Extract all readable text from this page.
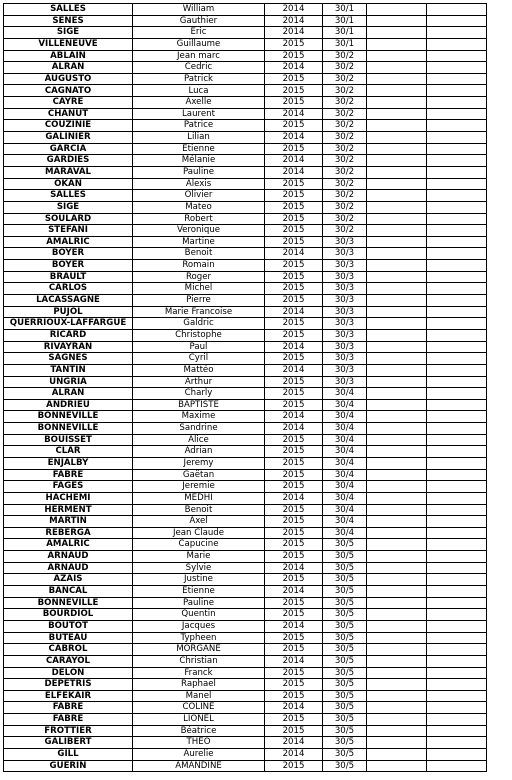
SALLES	William	2014	30/1		
SENES	Gauthier	2014	30/1		
SIGE	Eric	2014	30/1		
VILLENEUVE	Guillaume	2015	30/1		
ABLAIN	Jean marc	2015	30/2		
ALRAN	Cedric	2014	30/2		
AUGUSTO	Patrick	2015	30/2		
CAGNATO	Luca	2015	30/2		
CAYRE	Axelle	2015	30/2		
CHANUT	Laurent	2014	30/2		
COUZINIE	Patrice	2015	30/2		
GALINIER	Lilian	2014	30/2		
GARCIA	Etienne	2015	30/2		
GARDIES	Mélanie	2014	30/2		
MARAVAL	Pauline	2014	30/2		
OKAN	Alexis	2015	30/2		
SALLES	Olivier	2015	30/2		
SIGE	Mateo	2015	30/2		
SOULARD	Robert	2015	30/2		
STEFANI	Veronique	2015	30/2		
AMALRIC	Martine	2015	30/3		
BOYER	Benoit	2014	30/3		
BOYER	Romain	2015	30/3		
BRAULT	Roger	2015	30/3		
CARLOS	Michel	2015	30/3		
LACASSAGNE	Pierre	2015	30/3		
PUJOL	Marie Francoise	2014	30/3		
QUERRIOUX-LAFFARGUE	Galdric	2015	30/3		
RICARD	Christophe	2015	30/3		
RIVAYRAN	Paul	2014	30/3		
SAGNES	Cyril	2015	30/3		
TANTIN	Mattéo	2014	30/3		
UNGRIA	Arthur	2015	30/3		
ALRAN	Charly	2015	30/4		
ANDRIEU	BAPTISTE	2015	30/4		
BONNEVILLE	Maxime	2014	30/4		
BONNEVILLE	Sandrine	2014	30/4		
BOUISSET	Alice	2015	30/4		
CLAR	Adrian	2015	30/4		
ENJALBY	Jeremy	2015	30/4		
FABRE	Gaëtan	2015	30/4		
FAGES	Jeremie	2015	30/4		
HACHEMI	MEDHI	2014	30/4		
HERMENT	Benoit	2015	30/4		
MARTIN	Axel	2015	30/4		
REBERGA	Jean Claude	2015	30/4		
AMALRIC	Capucine	2015	30/5		
ARNAUD	Marie	2015	30/5		
ARNAUD	Sylvie	2014	30/5		
AZAÏS	Justine	2015	30/5		
BANCAL	Etienne	2014	30/5		
BONNEVILLE	Pauline	2015	30/5		
BOURDIOL	Quentin	2015	30/5		
BOUTOT	Jacques	2014	30/5		
BUTEAU	Typheen	2015	30/5		
CABROL	MORGANE	2015	30/5		
CARAYOL	Christian	2014	30/5		
DELON	Franck	2015	30/5		
DEPETRIS	Raphael	2015	30/5		
ELFEKAIR	Manel	2015	30/5		
FABRE	COLINE	2014	30/5		
FABRE	LIONEL	2015	30/5		
FROTTIER	Béatrice	2015	30/5		
GALIBERT	THEO	2014	30/5		
GILL	Aurelie	2014	30/5		
GUERIN	AMANDINE	2015	30/5		
